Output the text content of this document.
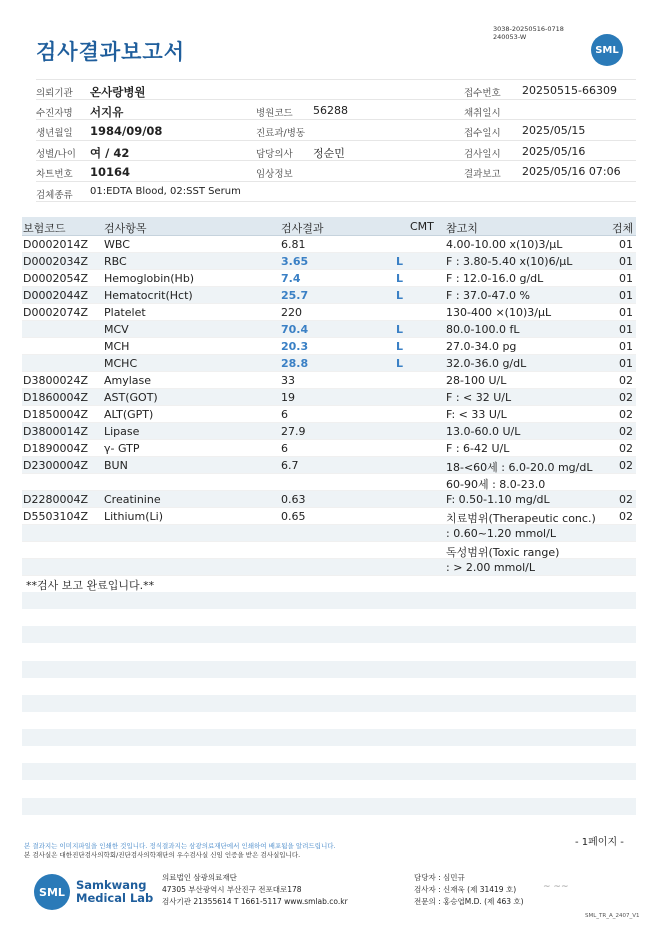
검사결과보고서
3038-20250516-0718
240053-W
SML
의뢰기관 온사랑병원	접수번호 20250515-66309
수진자명 서지유	병원코드 56288	채취일시
생년월일 1984/09/08	진료과/병동	접수일시 2025/05/15
성별/나이 여 / 42	담당의사 정순민	검사일시 2025/05/16
차트번호 10164	임상정보	결과보고 2025/05/16 07:06
검체종류 01:EDTA Blood, 02:SST Serum
보험코드	검사항목	검사결과	CMT 참고치	검체
D0002014Z WBC	6.81	4.00-10.00 x(10)3/µL	01
D0002034Z RBC	3.65	L	F : 3.80-5.40 x(10)6/µL	01
D0002054Z Hemoglobin(Hb)	7.4	L	F : 12.0-16.0 g/dL	01
D0002044Z Hematocrit(Hct)	25.7	L	F : 37.0-47.0 %	01
D0002074Z Platelet	220	130-400 ×(10)3/µL	01
MCV	70.4	L	80.0-100.0 fL	01
MCH	20.3	L	27.0-34.0 pg	01
MCHC	28.8	L	32.0-36.0 g/dL	01
D3800024Z Amylase	33	28-100 U/L	02
D1860004Z AST(GOT)	19	F : < 32 U/L	02
D1850004Z ALT(GPT)	6	F: < 33 U/L	02
D3800014Z Lipase	27.9	13.0-60.0 U/L	02
D1890004Z γ- GTP	6	F : 6-42 U/L	02
D2300004Z BUN	6.7	18-<60세 : 6.0-20.0 mg/dL 02
60-90세 : 8.0-23.0
D2280004Z Creatinine	0.63	F: 0.50-1.10 mg/dL	02
D5503104Z Lithium(Li)	0.65	치료범위(Therapeutic conc.) 02
: 0.60~1.20 mmol/L
독성범위(Toxic range)
: > 2.00 mmol/L
**검사 보고 완료입니다.**
- 1페이지 -
본 결과지는 이미지파일을 인쇄한 것입니다. 정식결과지는 삼광의료재단에서 인쇄하여 배포됨을 알려드립니다.
본 검사실은 대한진단검사의학회/진단검사의학재단의 우수검사실 신임 인증을 받은 검사실입니다.
SML Samkwang
Medical Lab
의료법인 삼광의료재단
47305 부산광역시 부산진구 전포대로178
검사기관 21355614 T 1661-5117 www.smlab.co.kr
담당자 : 심민규
검사자 : 신재욱 (제 31419 호)
전문의 : 홍승엽M.D. (제 463 호)
~ ~~
SML_TR_A_2407_V1
